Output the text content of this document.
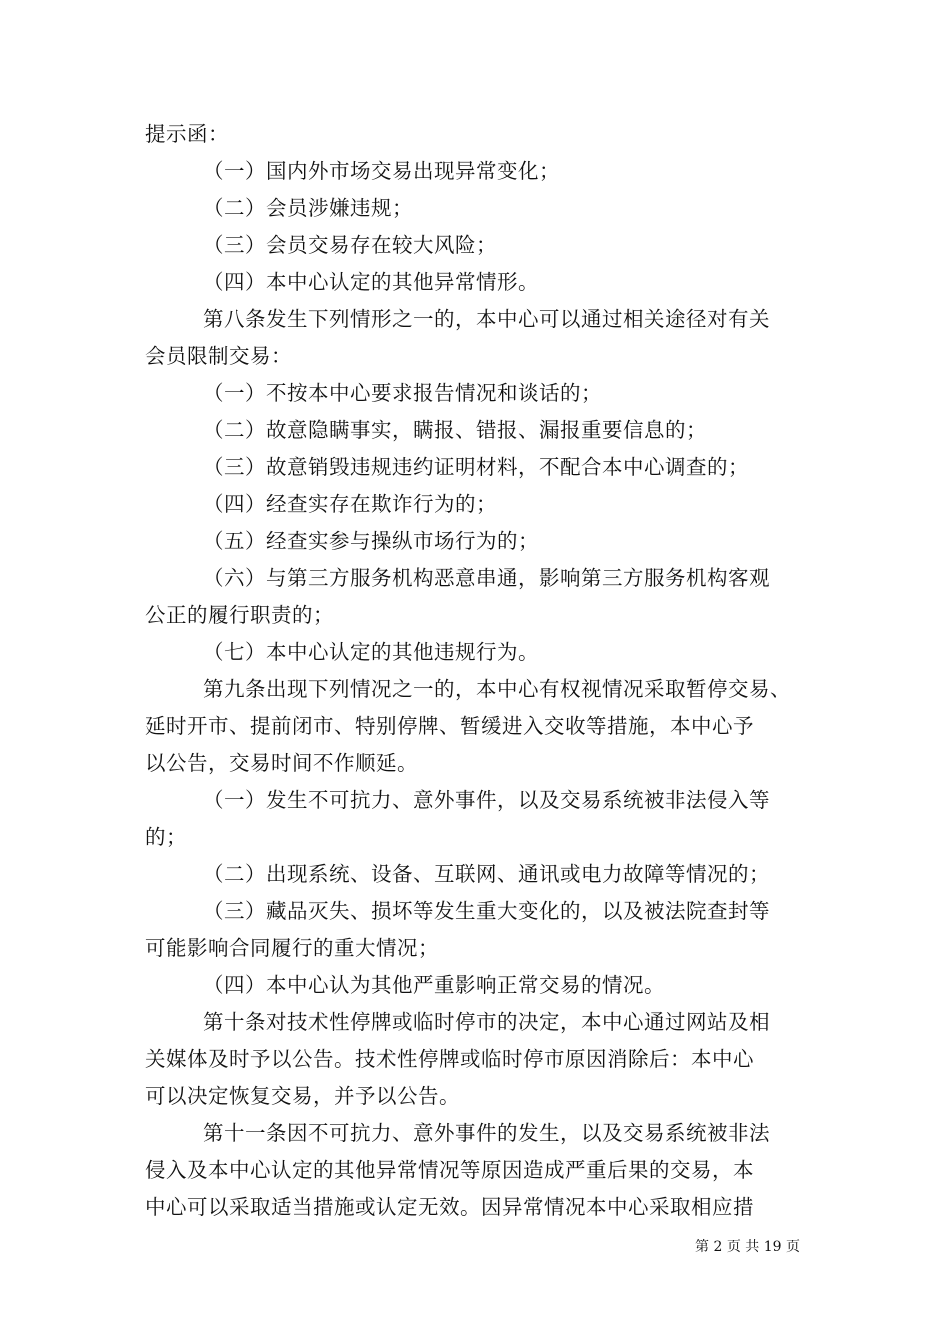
提示函：
（一）国内外市场交易出现异常变化；
（二）会员涉嫌违规；
（三）会员交易存在较大风险；
（四）本中心认定的其他异常情形。
第八条发生下列情形之一的，本中心可以通过相关途径对有关
会员限制交易：
（一）不按本中心要求报告情况和谈话的；
（二）故意隐瞒事实，瞒报、错报、漏报重要信息的；
（三）故意销毁违规违约证明材料，不配合本中心调查的；
（四）经查实存在欺诈行为的；
（五）经查实参与操纵市场行为的；
（六）与第三方服务机构恶意串通，影响第三方服务机构客观
公正的履行职责的；
（七）本中心认定的其他违规行为。
第九条出现下列情况之一的，本中心有权视情况采取暂停交易、
延时开市、提前闭市、特别停牌、暂缓进入交收等措施，本中心予
以公告，交易时间不作顺延。
（一）发生不可抗力、意外事件，以及交易系统被非法侵入等
的；
（二）出现系统、设备、互联网、通讯或电力故障等情况的；
（三）藏品灭失、损坏等发生重大变化的，以及被法院查封等
可能影响合同履行的重大情况；
（四）本中心认为其他严重影响正常交易的情况。
第十条对技术性停牌或临时停市的决定，本中心通过网站及相
关媒体及时予以公告。技术性停牌或临时停市原因消除后：本中心
可以决定恢复交易，并予以公告。
第十一条因不可抗力、意外事件的发生，以及交易系统被非法
侵入及本中心认定的其他异常情况等原因造成严重后果的交易，本
中心可以采取适当措施或认定无效。因异常情况本中心采取相应措
第 2 页 共 19 页
